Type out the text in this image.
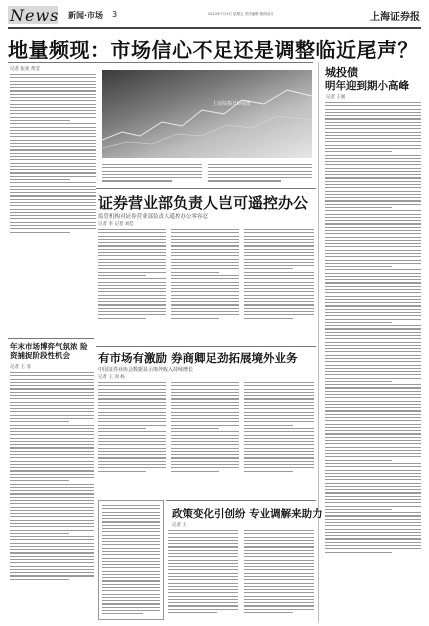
News 新闻·市场 3	2014年7月4日 星期五 责任编辑 版面设计	上海证券报
地量频现：市场信心不足还是调整临近尾声？
记者 张欢 黄莹
上证综指日K线图
城投债
明年迎到期小高峰
记者 王媛
证券营业部负责人岂可遥控办公
监管机构对证券营业部负责人遥控办公零容忍
记者 李 记者 刘佳
年末市场博弈气氛浓 险资捕捉阶段性机会
记者 王 菲
有市场有激励 券商卿足劲拓展境外业务
中国证券业协会数据显示境外收入持续增长
记者 王 刘 杨
政策变化引创纷 专业调解来助力
记者 王
